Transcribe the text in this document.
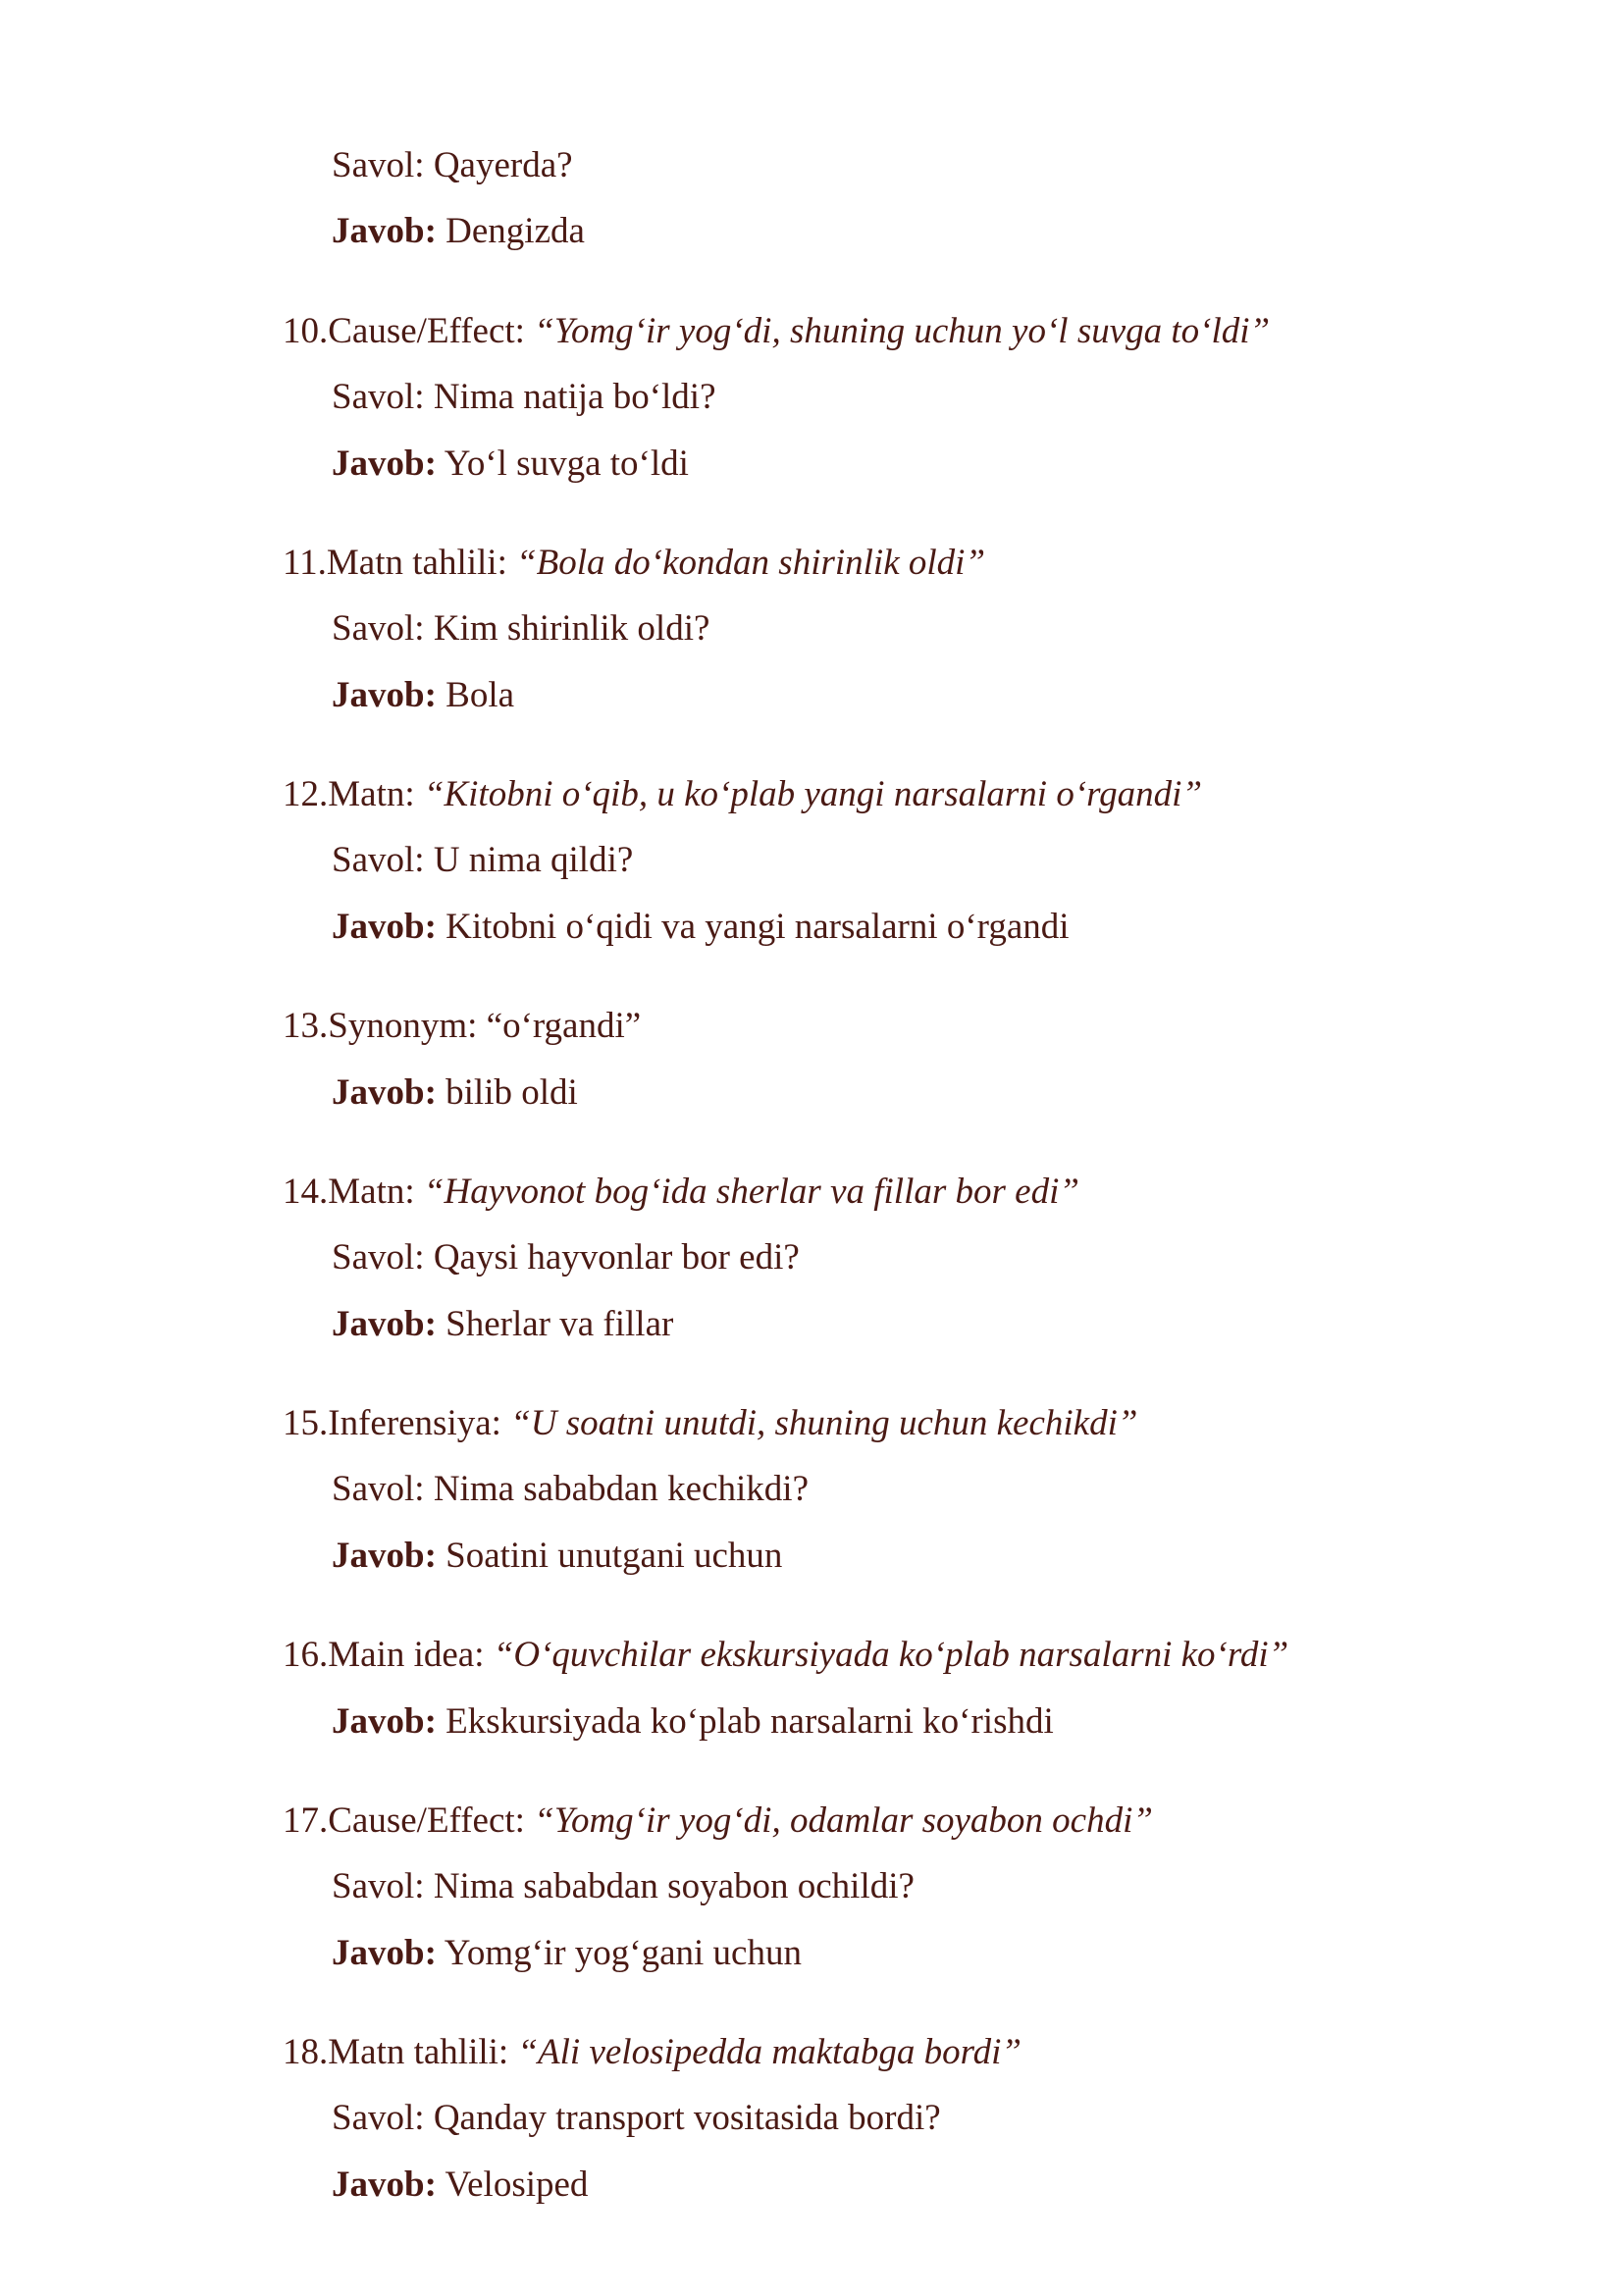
Savol: Qayerda?
Javob: Dengizda
10.Cause/Effect: “Yomg‘ir yog‘di, shuning uchun yo‘l suvga to‘ldi”
Savol: Nima natija bo‘ldi?
Javob: Yo‘l suvga to‘ldi
11.Matn tahlili: “Bola do‘kondan shirinlik oldi”
Savol: Kim shirinlik oldi?
Javob: Bola
12.Matn: “Kitobni o‘qib, u ko‘plab yangi narsalarni o‘rgandi”
Savol: U nima qildi?
Javob: Kitobni o‘qidi va yangi narsalarni o‘rgandi
13.Synonym: “o‘rgandi”
Javob: bilib oldi
14.Matn: “Hayvonot bog‘ida sherlar va fillar bor edi”
Savol: Qaysi hayvonlar bor edi?
Javob: Sherlar va fillar
15.Inferensiya: “U soatni unutdi, shuning uchun kechikdi”
Savol: Nima sababdan kechikdi?
Javob: Soatini unutgani uchun
16.Main idea: “O‘quvchilar ekskursiyada ko‘plab narsalarni ko‘rdi”
Javob: Ekskursiyada ko‘plab narsalarni ko‘rishdi
17.Cause/Effect: “Yomg‘ir yog‘di, odamlar soyabon ochdi”
Savol: Nima sababdan soyabon ochildi?
Javob: Yomg‘ir yog‘gani uchun
18.Matn tahlili: “Ali velosipedda maktabga bordi”
Savol: Qanday transport vositasida bordi?
Javob: Velosiped
